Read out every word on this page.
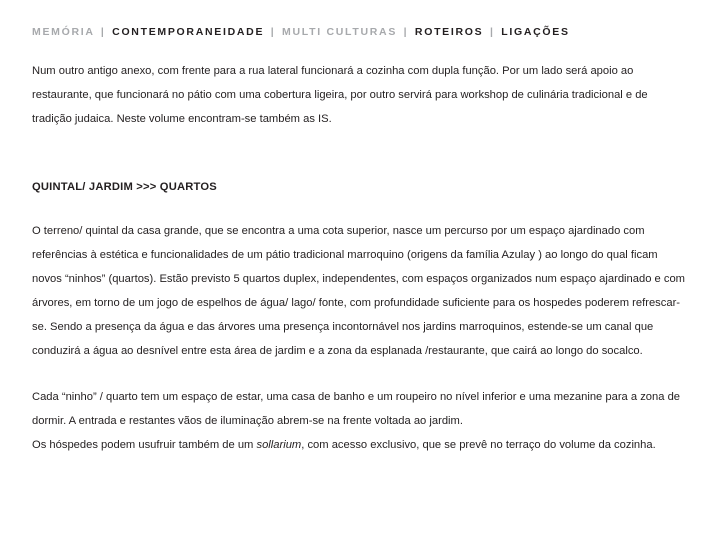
MEMÓRIA | CONTEMPORANEIDADE | MULTI CULTURAS | ROTEIROS | LIGAÇÕES

Num outro antigo anexo, com frente para a rua lateral funcionará a cozinha com dupla função. Por um lado será apoio ao restaurante, que funcionará no pátio com uma cobertura ligeira, por outro servirá para workshop de culinária tradicional e de tradição judaica. Neste volume encontram-se também as IS.

QUINTAL/ JARDIM >>> QUARTOS

O terreno/ quintal da casa grande, que se encontra a uma cota superior, nasce um percurso por um espaço ajardinado com referências à estética e funcionalidades de um pátio tradicional marroquino (origens da família Azulay ) ao longo do qual ficam novos “ninhos” (quartos). Estão previsto 5 quartos duplex, independentes, com espaços organizados num espaço ajardinado e com árvores, em torno de um jogo de espelhos de água/ lago/ fonte, com profundidade suficiente para os hospedes poderem refrescar-se. Sendo a presença da água e das árvores uma presença incontornável nos jardins marroquinos, estende-se um canal que conduzirá a água ao desnível entre esta área de jardim e a zona da esplanada /restaurante, que cairá ao longo do socalco.

Cada “ninho” / quarto tem um espaço de estar, uma casa de banho e um roupeiro no nível inferior e uma mezanine para a zona de dormir. A entrada e restantes vãos de iluminação abrem-se na frente voltada ao jardim.

Os hóspedes podem usufruir também de um sollarium, com acesso exclusivo, que se prevê no terraço do volume da cozinha.
